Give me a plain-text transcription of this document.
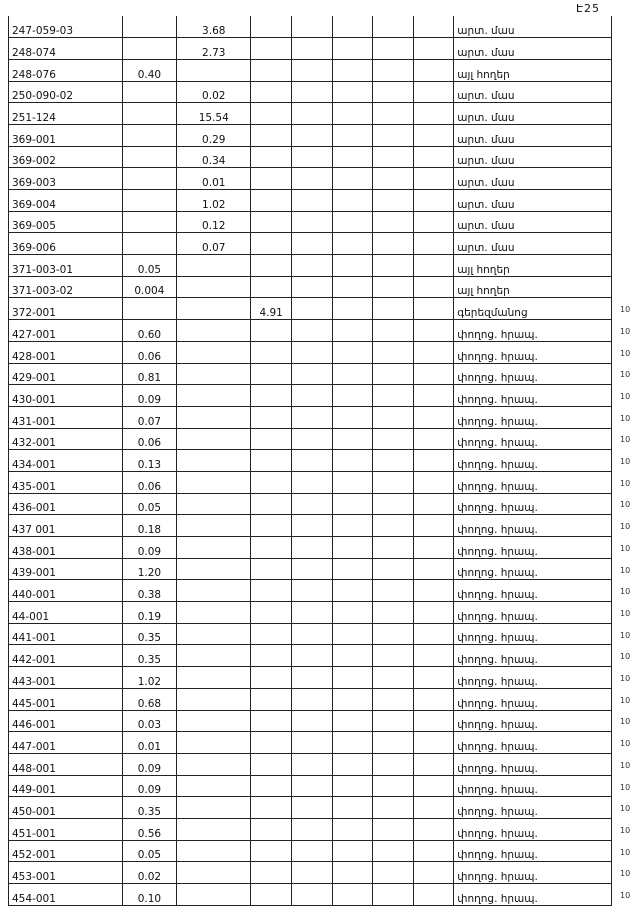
Է25
247-059-03		3.68						արտ. մաս
248-074		2.73						արտ. մաս
248-076	0.40							այլ հողեր
250-090-02		0.02						արտ. մաս
251-124		15.54						արտ. մաս
369-001		0.29						արտ. մաս
369-002		0.34						արտ. մաս
369-003		0.01						արտ. մաս
369-004		1.02						արտ. մաս
369-005		0.12						արտ. մաս
369-006		0.07						արտ. մաս
371-003-01	0.05							այլ հողեր
371-003-02	0.004							այլ հողեր
372-001			4.91					գերեզմանոց
427-001	0.60							փողոց. հրապ.
428-001	0.06							փողոց. հրապ.
429-001	0.81							փողոց. հրապ.
430-001	0.09							փողոց. հրապ.
431-001	0.07							փողոց. հրապ.
432-001	0.06							փողոց. հրապ.
434-001	0.13							փողոց. հրապ.
435-001	0.06							փողոց. հրապ.
436-001	0.05							փողոց. հրապ.
437 001	0.18							փողոց. հրապ.
438-001	0.09							փողոց. հրապ.
439-001	1.20							փողոց. հրապ.
440-001	0.38							փողոց. հրապ.
44-001	0.19							փողոց. հրապ.
441-001	0.35							փողոց. հրապ.
442-001	0.35							փողոց. հրապ.
443-001	1.02							փողոց. հրապ.
445-001	0.68							փողոց. հրապ.
446-001	0.03							փողոց. հրապ.
447-001	0.01							փողոց. հրապ.
448-001	0.09							փողոց. հրապ.
449-001	0.09							փողոց. հրապ.
450-001	0.35							փողոց. հրապ.
451-001	0.56							փողոց. հրապ.
452-001	0.05							փողոց. հրապ.
453-001	0.02							փողոց. հրապ.
454-001	0.10							փողոց. հրապ.
10
10
10
10
10
10
10
10
10
10
10
10
10
10
10
10
10
10
10
10
10
10
10
10
10
10
10
10
